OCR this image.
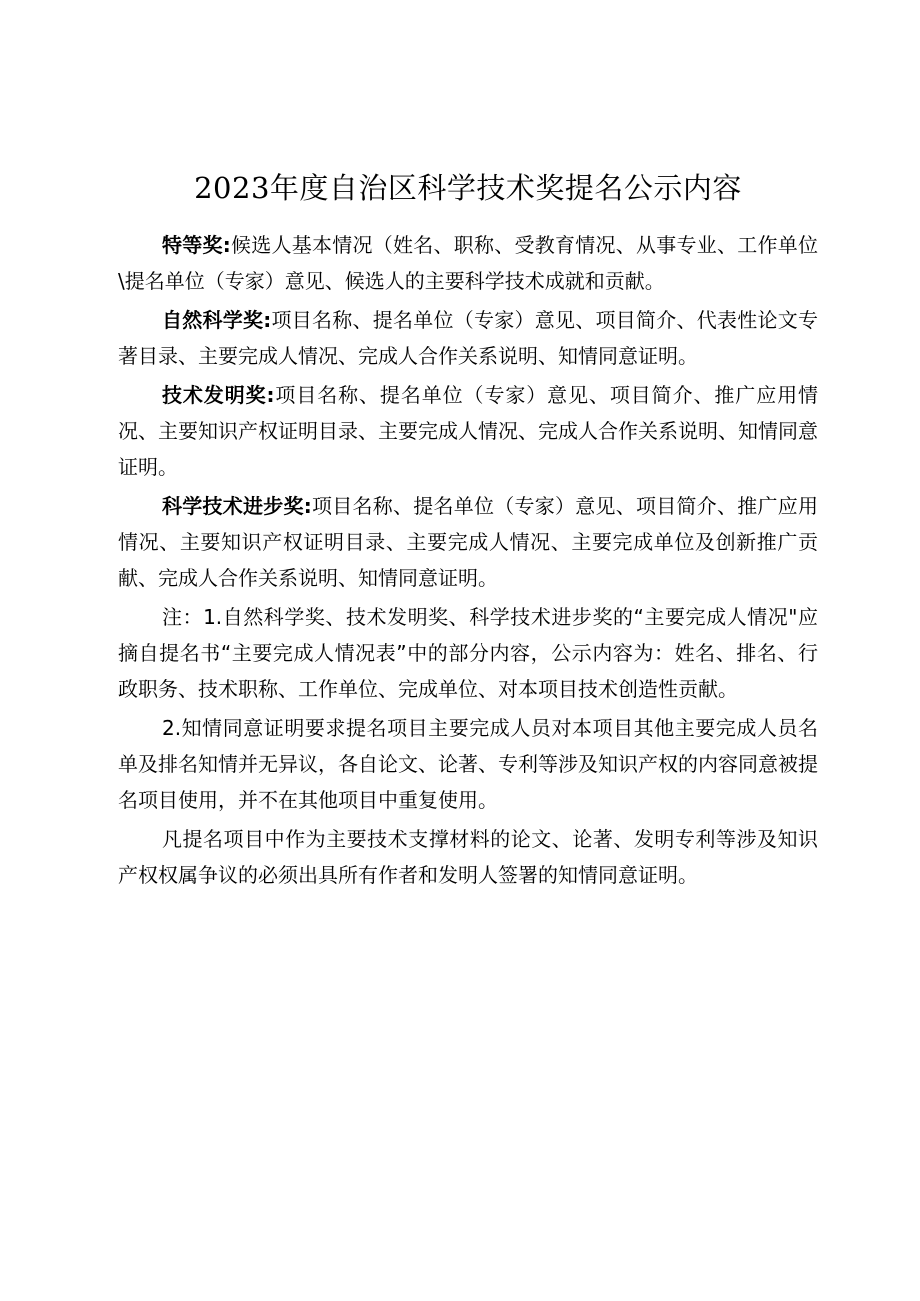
2023年度自治区科学技术奖提名公示内容

特等奖:候选人基本情况（姓名、职称、受教育情况、从事专业、工作单位\提名单位（专家）意见、候选人的主要科学技术成就和贡献。

自然科学奖:项目名称、提名单位（专家）意见、项目简介、代表性论文专著目录、主要完成人情况、完成人合作关系说明、知情同意证明。

技术发明奖:项目名称、提名单位（专家）意见、项目简介、推广应用情况、主要知识产权证明目录、主要完成人情况、完成人合作关系说明、知情同意证明。

科学技术进步奖:项目名称、提名单位（专家）意见、项目简介、推广应用情况、主要知识产权证明目录、主要完成人情况、主要完成单位及创新推广贡献、完成人合作关系说明、知情同意证明。

注：1.自然科学奖、技术发明奖、科学技术进步奖的“主要完成人情况"应摘自提名书“主要完成人情况表”中的部分内容，公示内容为：姓名、排名、行政职务、技术职称、工作单位、完成单位、对本项目技术创造性贡献。

2.知情同意证明要求提名项目主要完成人员对本项目其他主要完成人员名单及排名知情并无异议，各自论文、论著、专利等涉及知识产权的内容同意被提名项目使用，并不在其他项目中重复使用。

凡提名项目中作为主要技术支撑材料的论文、论著、发明专利等涉及知识产权权属争议的必须出具所有作者和发明人签署的知情同意证明。
